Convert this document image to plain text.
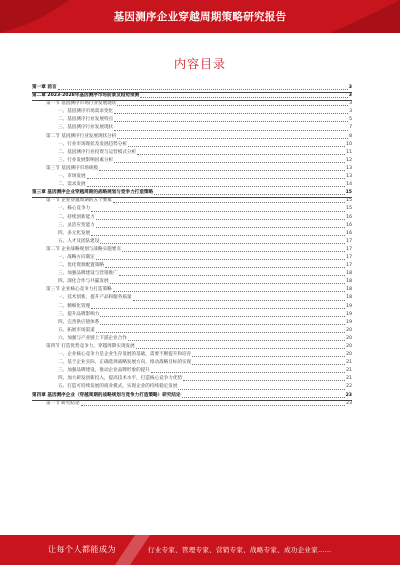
基因测序企业穿越周期策略研究报告
内容目录
第一章 前言	3
第二章 2023-2028年基因测序市场前景及趋势预测	3
第一节 基因测序市场行业发展现状	3
一、基因测序市场需求变化	3
二、基因测序行业发展特点	5
三、基因测序行业发展现状	7
第二节 基因测序行业发展现状分析	8
一、行业市场现状及发展趋势分析	10
二、基因测序行业投资与运营模式分析	11
三、行业发展影响因素分析	12
第三节 基因测序市场规模	13
一、市场发展	13
二、需求发展	14
第三章 基因测序企业穿越周期的战略规划与竞争力打造策略	15
第一节 企业穿越周期的五个要素	15
一、核心竞争力	15
二、持续创新能力	16
三、灵活应变能力	16
四、多元化发展	16
五、人才及团队建设	17
第二节 企业战略规划与战略实施要点	17
一、战略方向制定	17
二、优化资源配置策略	17
三、加强品牌建设与营销推广	18
四、深化合作与共赢发展	18
第三节 企业核心竞争力打造策略	18
一、技术创新，提升产品和服务质量	18
二、精细化管理	19
三、提升品牌影响力	19
四、完善供应链体系	19
五、拓展市场渠道	20
六、加强与产业链上下游企业合作	20
第四节 打造优势竞争力，穿越周期实现发展	20
一、企业核心竞争力是企业生存发展的基础，需要不断提升和培育	20
二、基于企业实际，正确选择战略发展方向，推动战略目标的实现	21
三、加强品牌建设，推动企业品牌形象的提升	21
四、加大研发创新投入，提高技术水平，打造核心竞争力优势	21
五、打造可持续发展的商业模式，实现企业的持续稳定发展	22
第四章 基因测序企业（穿越周期的战略规划与竞争力打造策略）研究结论	23
第一节 研究结论	23
让每个人都能成为	行业专家、管理专家、营销专家、战略专家、成功企业家……
